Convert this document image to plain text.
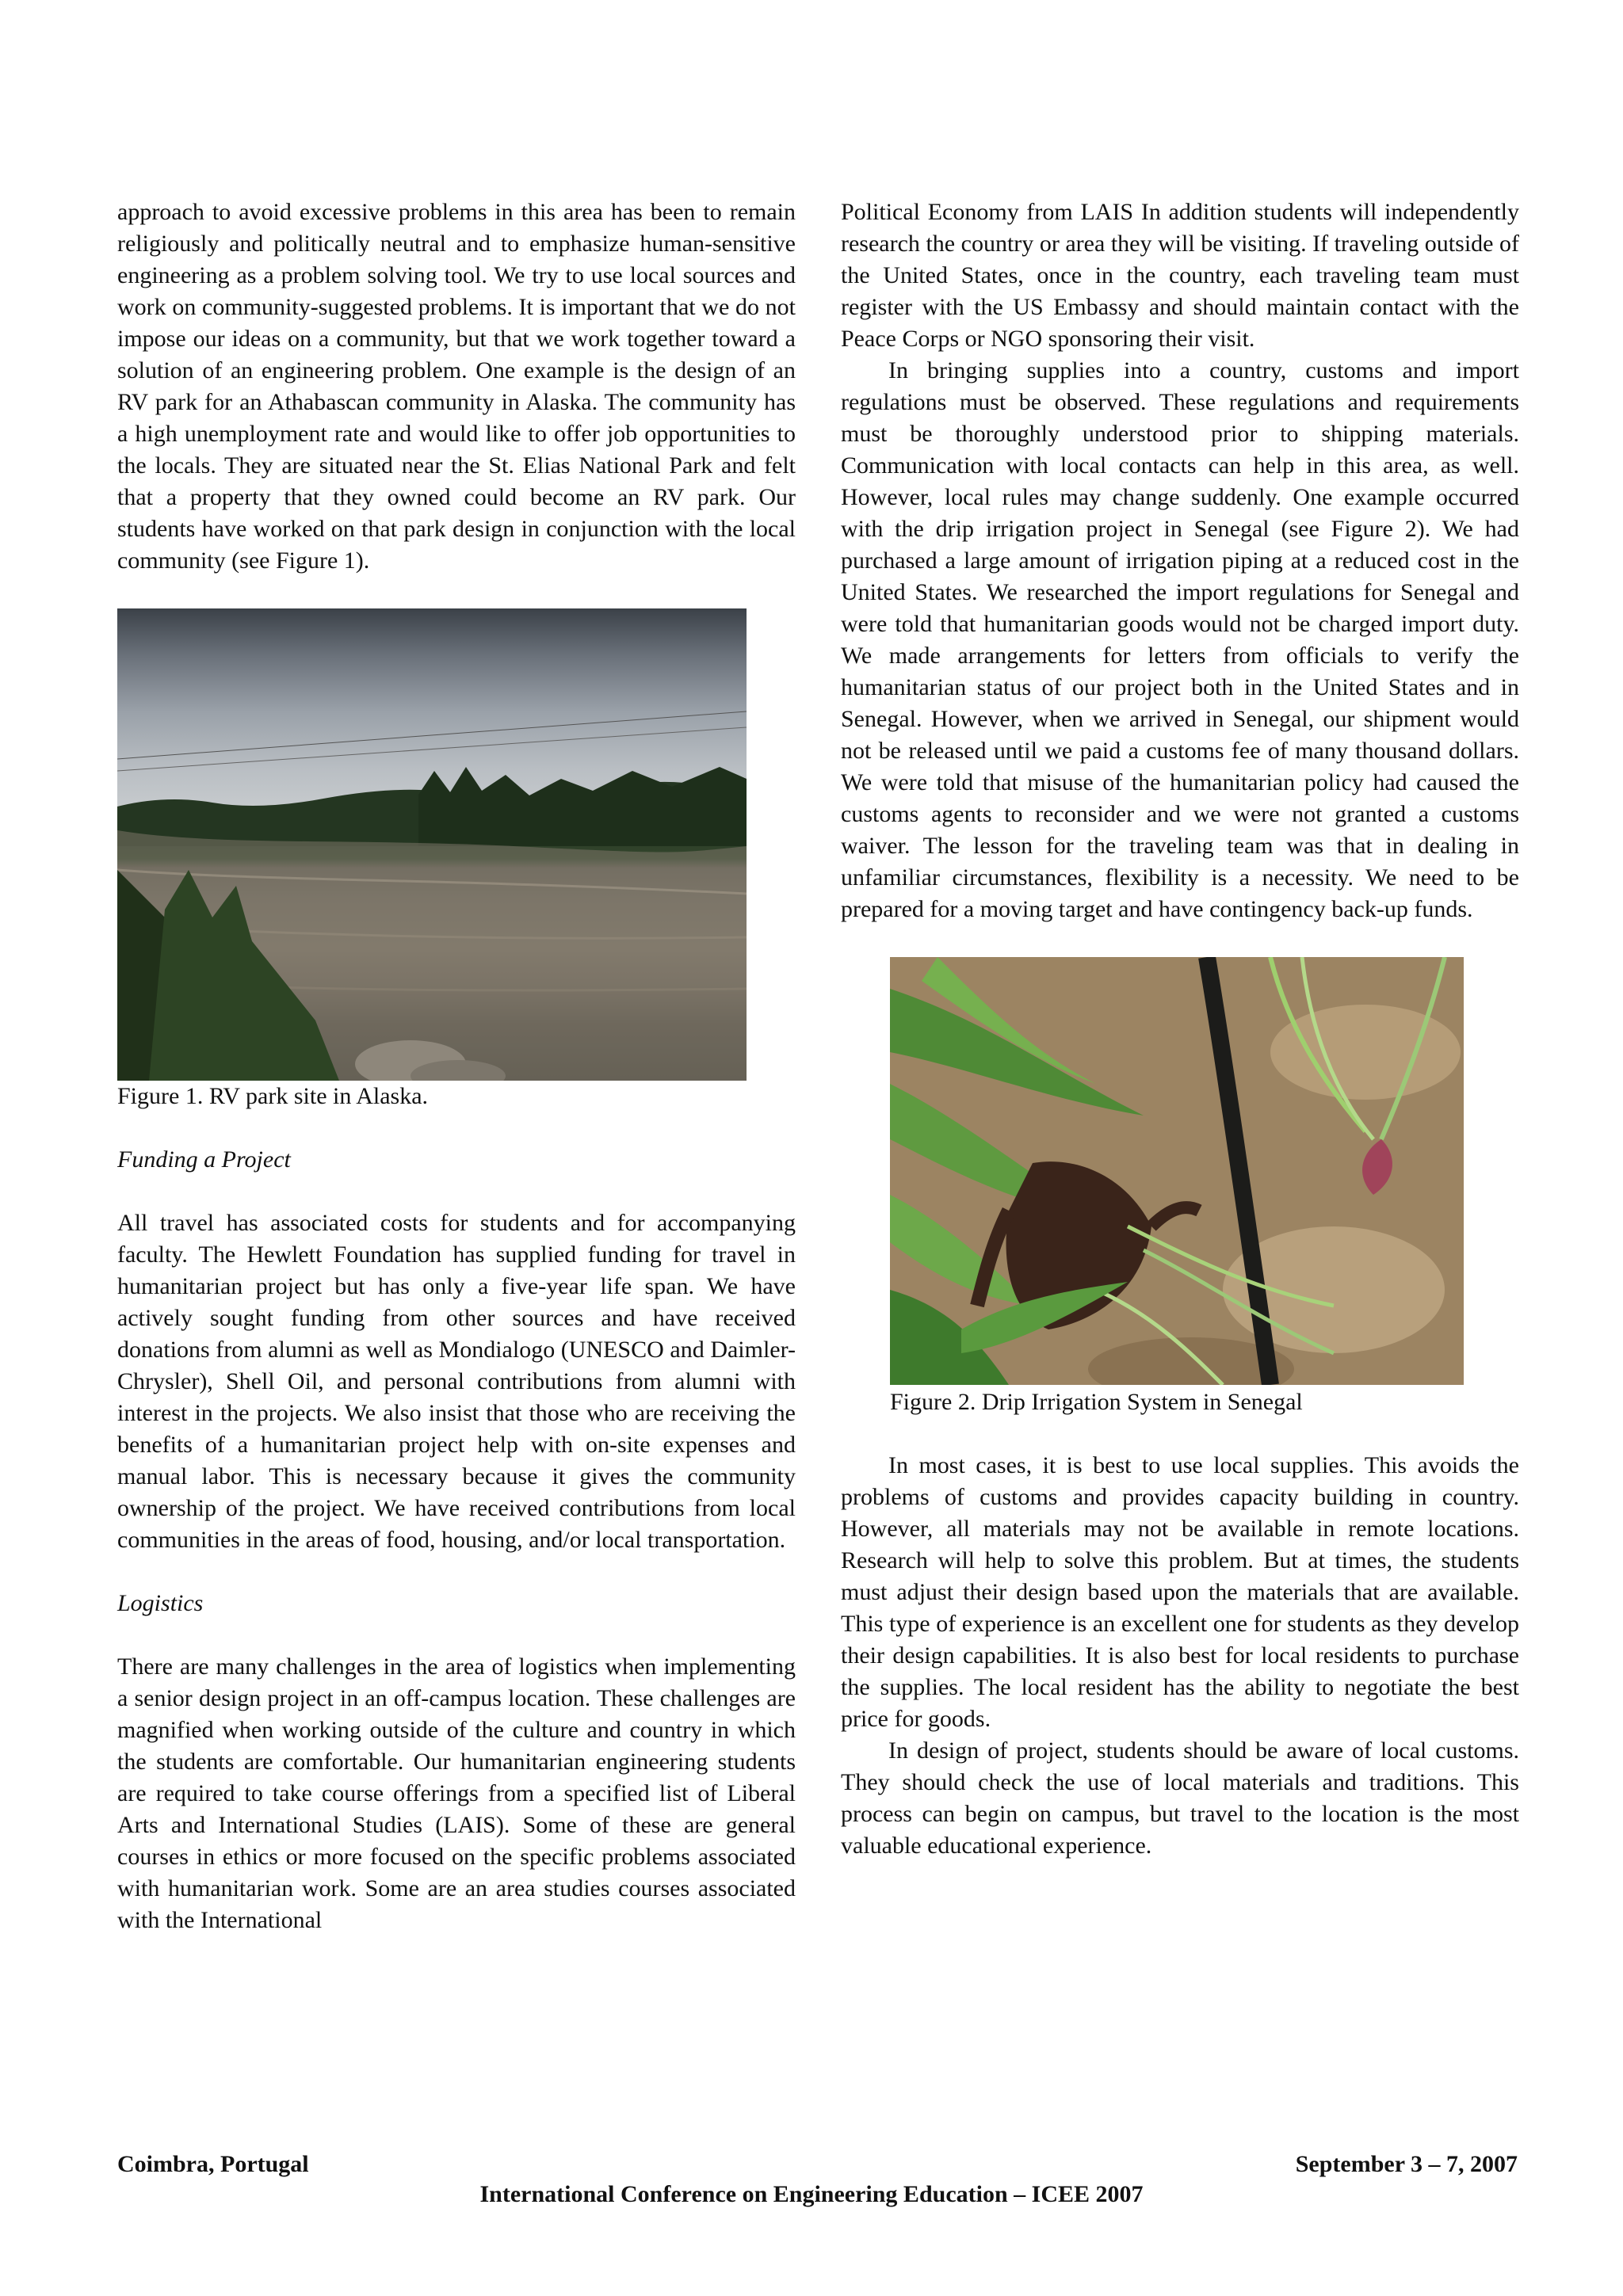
approach to avoid excessive problems in this area has been to remain religiously and politically neutral and to emphasize human-sensitive engineering as a problem solving tool. We try to use local sources and work on community-suggested problems. It is important that we do not impose our ideas on a community, but that we work together toward a solution of an engineering problem. One example is the design of an RV park for an Athabascan community in Alaska. The community has a high unemployment rate and would like to offer job opportunities to the locals. They are situated near the St. Elias National Park and felt that a property that they owned could become an RV park. Our students have worked on that park design in conjunction with the local community (see Figure 1).

Figure 1. RV park site in Alaska.

Funding a Project

All travel has associated costs for students and for accompanying faculty. The Hewlett Foundation has supplied funding for travel in humanitarian project but has only a five-year life span. We have actively sought funding from other sources and have received donations from alumni as well as Mondialogo (UNESCO and Daimler-Chrysler), Shell Oil, and personal contributions from alumni with interest in the projects. We also insist that those who are receiving the benefits of a humanitarian project help with on-site expenses and manual labor. This is necessary because it gives the community ownership of the project. We have received contributions from local communities in the areas of food, housing, and/or local transportation.

Logistics

There are many challenges in the area of logistics when implementing a senior design project in an off-campus location. These challenges are magnified when working outside of the culture and country in which the students are comfortable. Our humanitarian engineering students are required to take course offerings from a specified list of Liberal Arts and International Studies (LAIS). Some of these are general courses in ethics or more focused on the specific problems associated with humanitarian work. Some are an area studies courses associated with the International

Political Economy from LAIS In addition students will independently research the country or area they will be visiting. If traveling outside of the United States, once in the country, each traveling team must register with the US Embassy and should maintain contact with the Peace Corps or NGO sponsoring their visit.

In bringing supplies into a country, customs and import regulations must be observed. These regulations and requirements must be thoroughly understood prior to shipping materials. Communication with local contacts can help in this area, as well. However, local rules may change suddenly. One example occurred with the drip irrigation project in Senegal (see Figure 2). We had purchased a large amount of irrigation piping at a reduced cost in the United States. We researched the import regulations for Senegal and were told that humanitarian goods would not be charged import duty. We made arrangements for letters from officials to verify the humanitarian status of our project both in the United States and in Senegal. However, when we arrived in Senegal, our shipment would not be released until we paid a customs fee of many thousand dollars. We were told that misuse of the humanitarian policy had caused the customs agents to reconsider and we were not granted a customs waiver. The lesson for the traveling team was that in dealing in unfamiliar circumstances, flexibility is a necessity. We need to be prepared for a moving target and have contingency back-up funds.

Figure 2. Drip Irrigation System in Senegal

In most cases, it is best to use local supplies. This avoids the problems of customs and provides capacity building in country. However, all materials may not be available in remote locations. Research will help to solve this problem. But at times, the students must adjust their design based upon the materials that are available. This type of experience is an excellent one for students as they develop their design capabilities. It is also best for local residents to purchase the supplies. The local resident has the ability to negotiate the best price for goods.

In design of project, students should be aware of local customs. They should check the use of local materials and traditions. This process can begin on campus, but travel to the location is the most valuable educational experience.

Coimbra, Portugal	September 3 – 7, 2007
International Conference on Engineering Education – ICEE 2007
